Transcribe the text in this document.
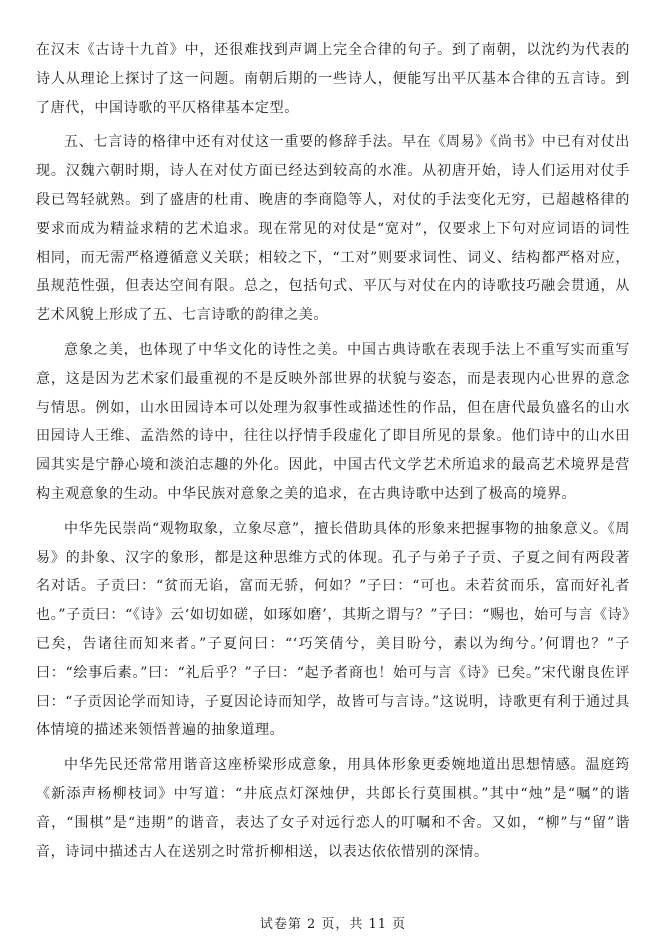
在汉末《古诗十九首》中，还很难找到声调上完全合律的句子。到了南朝，以沈约为代表的诗人从理论上探讨了这一问题。南朝后期的一些诗人，便能写出平仄基本合律的五言诗。到了唐代，中国诗歌的平仄格律基本定型。

五、七言诗的格律中还有对仗这一重要的修辞手法。早在《周易》《尚书》中已有对仗出现。汉魏六朝时期，诗人在对仗方面已经达到较高的水准。从初唐开始，诗人们运用对仗手段已驾轻就熟。到了盛唐的杜甫、晚唐的李商隐等人，对仗的手法变化无穷，已超越格律的要求而成为精益求精的艺术追求。现在常见的对仗是“宽对”，仅要求上下句对应词语的词性相同，而无需严格遵循意义关联；相较之下，“工对”则要求词性、词义、结构都严格对应，虽规范性强，但表达空间有限。总之，包括句式、平仄与对仗在内的诗歌技巧融会贯通，从艺术风貌上形成了五、七言诗歌的韵律之美。

意象之美，也体现了中华文化的诗性之美。中国古典诗歌在表现手法上不重写实而重写意，这是因为艺术家们最重视的不是反映外部世界的状貌与姿态，而是表现内心世界的意念与情思。例如，山水田园诗本可以处理为叙事性或描述性的作品，但在唐代最负盛名的山水田园诗人王维、孟浩然的诗中，往往以抒情手段虚化了即目所见的景象。他们诗中的山水田园其实是宁静心境和淡泊志趣的外化。因此，中国古代文学艺术所追求的最高艺术境界是营构主观意象的生动。中华民族对意象之美的追求，在古典诗歌中达到了极高的境界。

中华先民崇尚“观物取象，立象尽意”，擅长借助具体的形象来把握事物的抽象意义。《周易》的卦象、汉字的象形，都是这种思维方式的体现。孔子与弟子子贡、子夏之间有两段著名对话。子贡曰：“贫而无谄，富而无骄，何如？”子曰：“可也。未若贫而乐，富而好礼者也。”子贡曰：“《诗》云‘如切如磋，如琢如磨’，其斯之谓与？”子曰：“赐也，始可与言《诗》已矣，告诸往而知来者。”子夏问曰：“‘巧笑倩兮，美目盼兮，素以为绚兮。’何谓也？”子曰：“绘事后素。”曰：“礼后乎？”子曰：“起予者商也！始可与言《诗》已矣。”宋代谢良佐评曰：“子贡因论学而知诗，子夏因论诗而知学，故皆可与言诗。”这说明，诗歌更有利于通过具体情境的描述来领悟普遍的抽象道理。

中华先民还常常用谐音这座桥梁形成意象，用具体形象更委婉地道出思想情感。温庭筠《新添声杨柳枝词》中写道：“井底点灯深烛伊，共郎长行莫围棋。”其中“烛”是“嘱”的谐音，“围棋”是“违期”的谐音，表达了女子对远行恋人的叮嘱和不舍。又如，“柳”与“留”谐音，诗词中描述古人在送别之时常折柳相送，以表达依依惜别的深情。

试卷第 2 页，共 11 页
